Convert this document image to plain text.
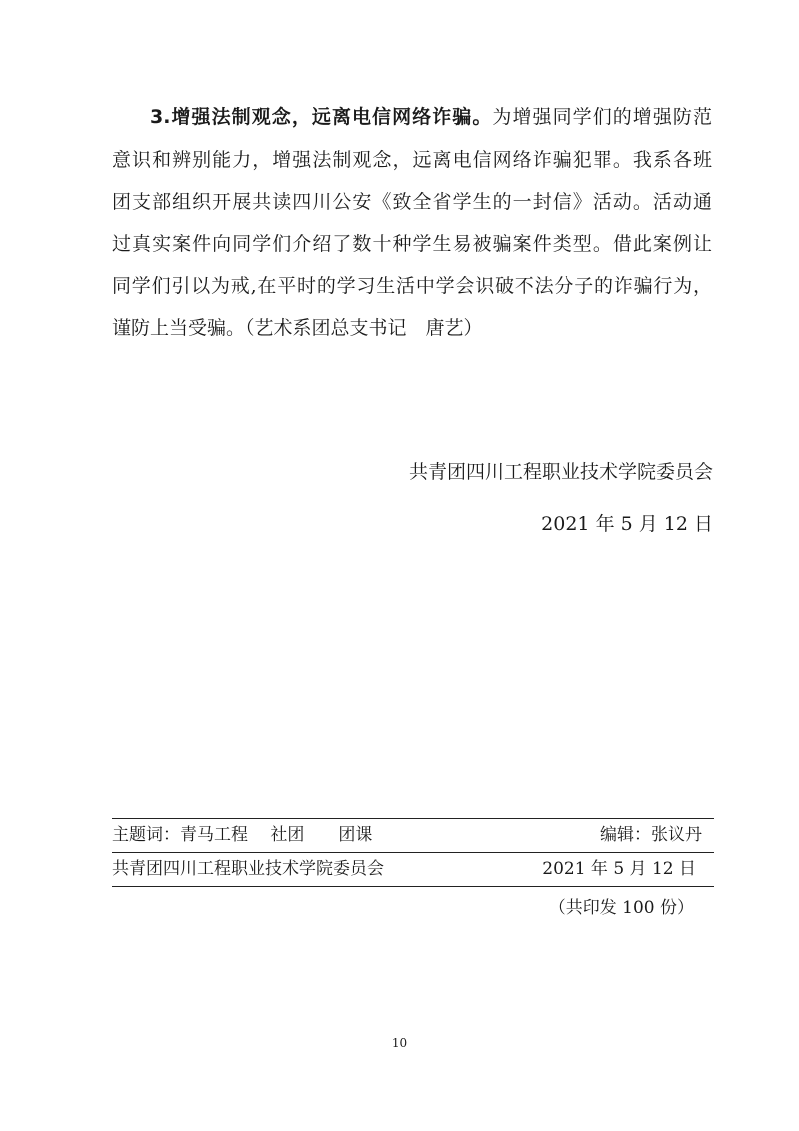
3.增强法制观念，远离电信网络诈骗。为增强同学们的增强防范
意识和辨别能力，增强法制观念，远离电信网络诈骗犯罪。我系各班
团支部组织开展共读四川公安《致全省学生的一封信》活动。活动通
过真实案件向同学们介绍了数十种学生易被骗案件类型。借此案例让
同学们引以为戒,在平时的学习生活中学会识破不法分子的诈骗行为，
谨防上当受骗。（艺术系团总支书记　唐艺）
共青团四川工程职业技术学院委员会
2021 年 5 月 12 日
主题词：青马工程　 社团　　团课	编辑：张议丹
共青团四川工程职业技术学院委员会	2021 年 5 月 12 日
（共印发 100 份）
10
